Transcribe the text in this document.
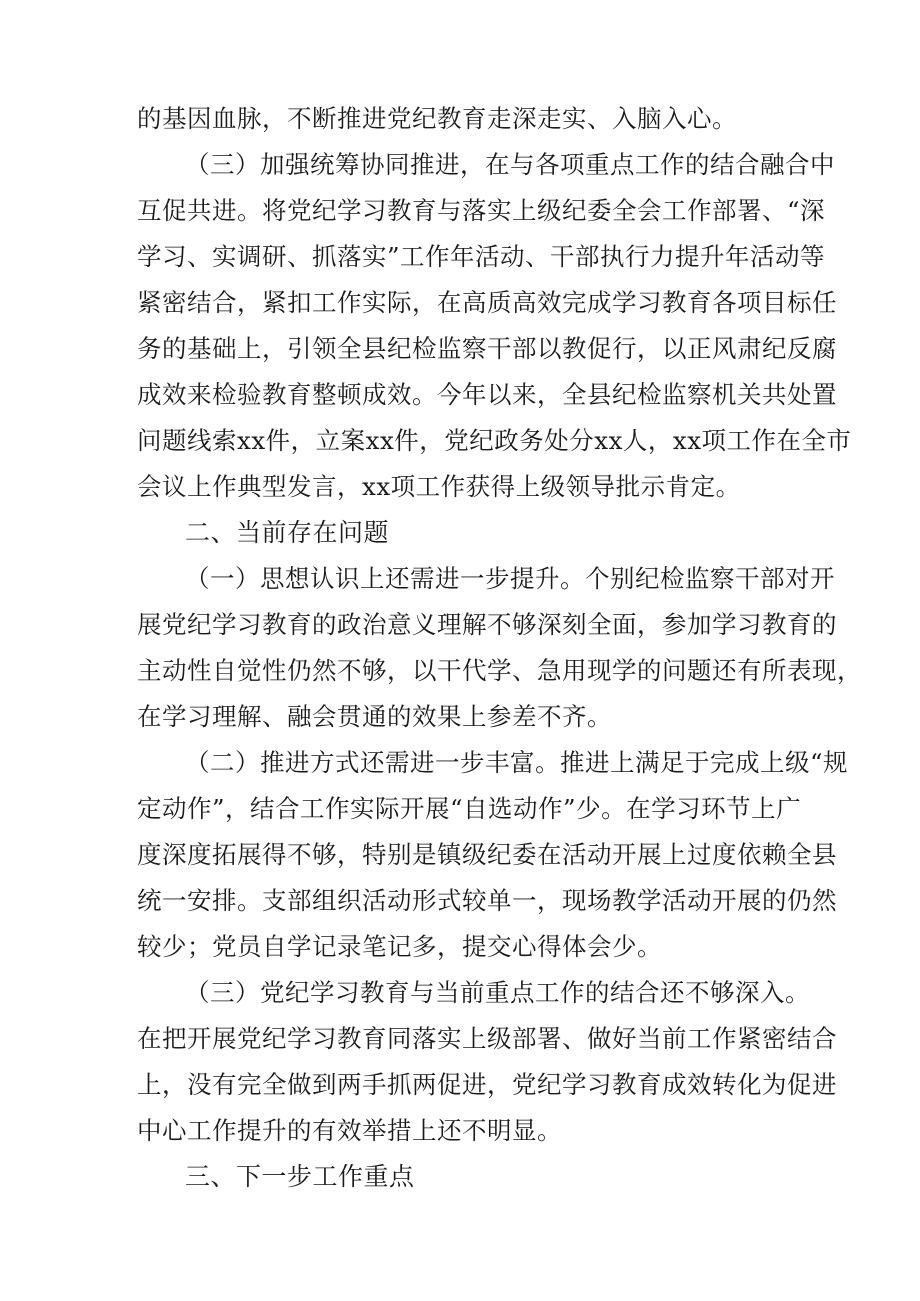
的基因血脉，不断推进党纪教育走深走实、入脑入心。
（三）加强统筹协同推进，在与各项重点工作的结合融合中
互促共进。将党纪学习教育与落实上级纪委全会工作部署、“深
学习、实调研、抓落实”工作年活动、干部执行力提升年活动等
紧密结合，紧扣工作实际，在高质高效完成学习教育各项目标任
务的基础上，引领全县纪检监察干部以教促行，以正风肃纪反腐
成效来检验教育整顿成效。今年以来，全县纪检监察机关共处置
问题线索xx件，立案xx件，党纪政务处分xx人，xx项工作在全市
会议上作典型发言，xx项工作获得上级领导批示肯定。
二、当前存在问题
（一）思想认识上还需进一步提升。个别纪检监察干部对开
展党纪学习教育的政治意义理解不够深刻全面，参加学习教育的
主动性自觉性仍然不够，以干代学、急用现学的问题还有所表现，
在学习理解、融会贯通的效果上参差不齐。
（二）推进方式还需进一步丰富。推进上满足于完成上级“规
定动作”，结合工作实际开展“自选动作”少。在学习环节上广
度深度拓展得不够，特别是镇级纪委在活动开展上过度依赖全县
统一安排。支部组织活动形式较单一，现场教学活动开展的仍然
较少；党员自学记录笔记多，提交心得体会少。
（三）党纪学习教育与当前重点工作的结合还不够深入。
在把开展党纪学习教育同落实上级部署、做好当前工作紧密结合
上，没有完全做到两手抓两促进，党纪学习教育成效转化为促进
中心工作提升的有效举措上还不明显。
三、下一步工作重点
